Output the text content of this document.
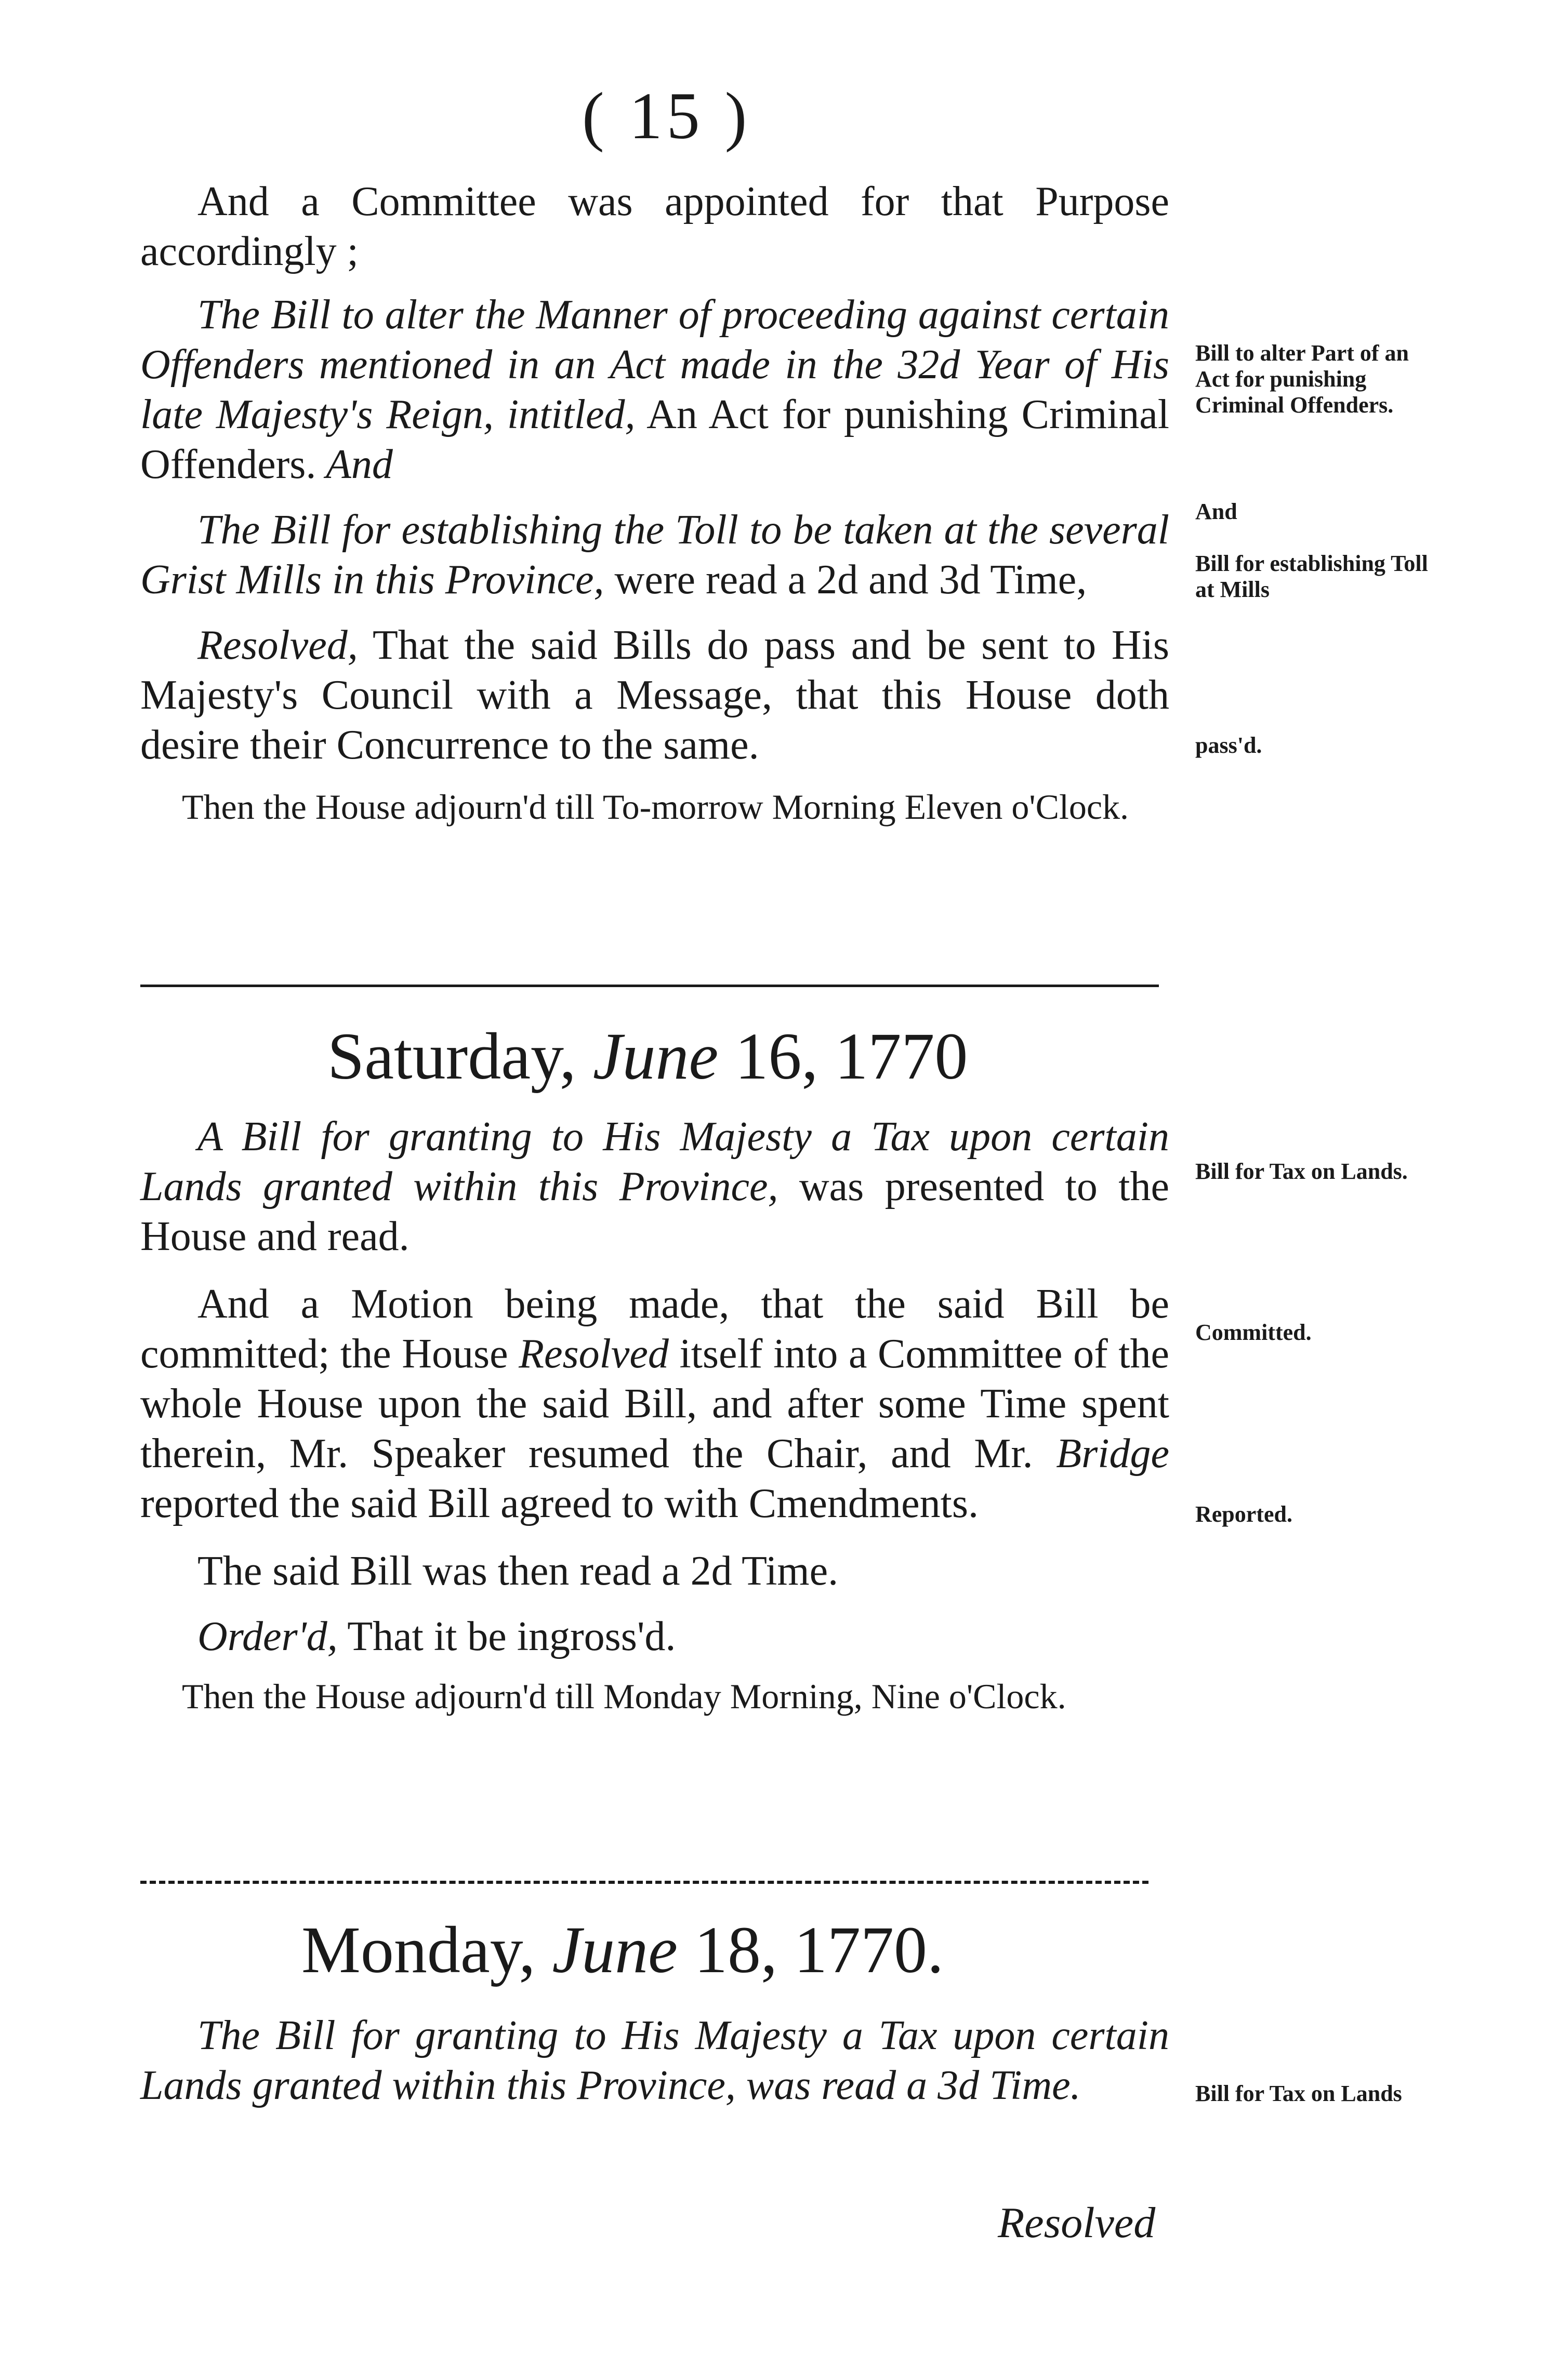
( 15 )

And a Committee was appointed for that Purpose accordingly ;

The Bill to alter the Manner of proceeding against certain Offenders mentioned in an Act made in the 32d Year of His late Majesty's Reign, intitled, An Act for punishing Criminal Offenders. And

The Bill for establishing the Toll to be taken at the several Grist Mills in this Province, were read a 2d and 3d Time,

Resolved, That the said Bills do pass and be sent to His Majesty's Council with a Message, that this House doth desire their Concurrence to the same.

Then the House adjourn'd till To-morrow Morning Eleven o'Clock.

Bill to alter Part of an Act for punishing Criminal Offenders.
And
Bill for establishing Toll at Mills
pass'd.
Saturday, June 16, 1770

A Bill for granting to His Majesty a Tax upon certain Lands granted within this Province, was presented to the House and read.

And a Motion being made, that the said Bill be committed; the House Resolved itself into a Committee of the whole House upon the said Bill, and after some Time spent therein, Mr. Speaker resumed the Chair, and Mr. Bridge reported the said Bill agreed to with Cmendments.

The said Bill was then read a 2d Time.

Order'd, That it be ingross'd.

Then the House adjourn'd till Monday Morning, Nine o'Clock.

Bill for Tax on Lands.
Committed.
Reported.
Monday, June 18, 1770.

The Bill for granting to His Majesty a Tax upon certain Lands granted within this Province, was read a 3d Time.	Bill for Tax on Lands
Resolved
